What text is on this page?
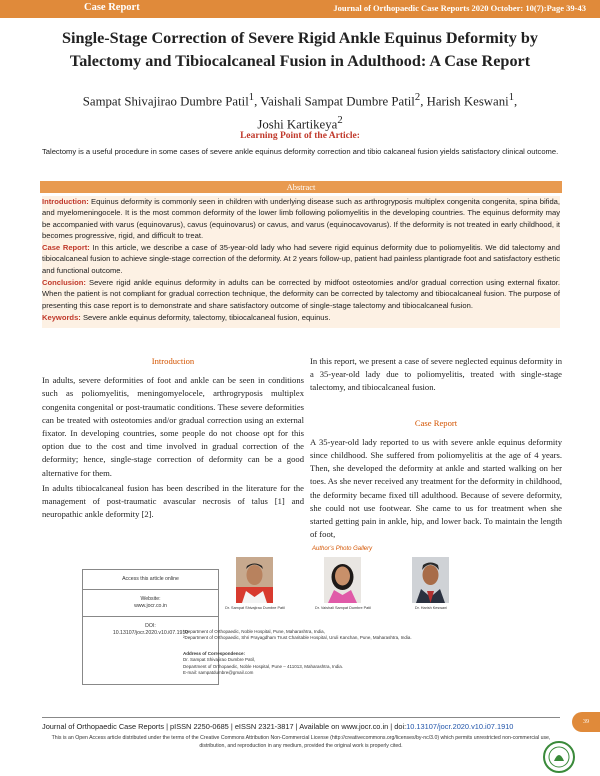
Case Report	Journal of Orthopaedic Case Reports 2020 October: 10(7):Page 39-43
Single-Stage Correction of Severe Rigid Ankle Equinus Deformity by Talectomy and Tibiocalcaneal Fusion in Adulthood: A Case Report
Sampat Shivajirao Dumbre Patil$^1$, Vaishali Sampat Dumbre Patil$^2$, Harish Keswani$^1$,
Joshi Kartikeya$^2$
Learning Point of the Article:
Talectomy is a useful procedure in some cases of severe ankle equinus deformity correction and tibio calcaneal fusion yields satisfactory clinical outcome.
Abstract

Introduction: Equinus deformity is commonly seen in children with underlying disease such as arthrogryposis multiplex congenita congenita, spina bifida, and myelomeningocele. It is the most common deformity of the lower limb following poliomyelitis in the developing countries. The equinus deformity may be accompanied with varus (equinovarus), cavus (equinovarus) or cavus, and varus (equinocavovarus). If the deformity is not treated in early childhood, it becomes progressive, rigid, and difficult to treat.

Case Report: In this article, we describe a case of 35-year-old lady who had severe rigid equinus deformity due to poliomyelitis. We did talectomy and tibiocalcaneal fusion to achieve single-stage correction of the deformity. At 2 years follow-up, patient had painless plantigrade foot and satisfactory esthetic and functional outcome.

Conclusion: Severe rigid ankle equinus deformity in adults can be corrected by midfoot osteotomies and/or gradual correction using external fixator. When the patient is not compliant for gradual correction technique, the deformity can be corrected by talectomy and tibiocalcaneal fusion. The purpose of presenting this case report is to demonstrate and share satisfactory outcome of single-stage talectomy and tibiocalcaneal fusion.

Keywords: Severe ankle equinus deformity, talectomy, tibiocalcaneal fusion, equinus.

Introduction

In adults, severe deformities of foot and ankle can be seen in conditions such as poliomyelitis, meningomyelocele, arthrogryposis multiplex congenita congenital or post-traumatic conditions. These severe deformities can be treated with osteotomies and/or gradual correction using an external fixator. In developing countries, some people do not choose opt for this option due to the cost and time involved in gradual correction of the deformity; hence, single-stage correction of deformity can be a good alternative for them.

In adults tibiocalcaneal fusion has been described in the literature for the management of post-traumatic avascular necrosis of talus [1] and neuropathic ankle deformity [2].

In this report, we present a case of severe neglected equinus deformity in a 35-year-old lady due to poliomyelitis, treated with single-stage talectomy, and tibiocalcaneal fusion.

Case Report

A 35-year-old lady reported to us with severe ankle equinus deformity since childhood. She suffered from poliomyelitis at the age of 4 years. Then, she developed the deformity at ankle and started walking on her toes. As she never received any treatment for the deformity in childhood, the deformity became fixed till adulthood. Because of severe deformity, she could not use footwear. She came to us for treatment when she started getting pain in ankle, hip, and lower back. To maintain the length of foot,

Access this article online
Website:
www.jocr.co.in
DOI:
10.13107/jocr.2020.v10.i07.1910
Author’s Photo Gallery
Dr. Sampat Shivajirao Dumbre Patil	Dr. Vaishali Sampat Dumbre Patil	Dr. Harish Keswani
¹Department of Orthopaedic, Noble Hospital, Pune, Maharashtra, India,
²Department of Orthopaedic, Shri Prayagdham Trust Charitable Hospital, Uruli Kanchan, Pune, Maharashtra, India.
Address of Correspondence:
Dr. Sampat Shivajirao Dumbre Patil,
Department of Orthopaedic, Noble Hospital, Pune – 411013, Maharashtra, India.
E-mail: sampatdumbre@gmail.com
Journal of Orthopaedic Case Reports | pISSN 2250-0685 | eISSN 2321-3817 | Available on www.jocr.co.in | doi:10.13107/jocr.2020.v10.i07.1910
This is an Open Access article distributed under the terms of the Creative Commons Attribution Non-Commercial License (http://creativecommons.org/licenses/by-nc/3.0) which permits unrestricted non-commercial use, distribution, and reproduction in any medium, provided the original work is properly cited.
39
